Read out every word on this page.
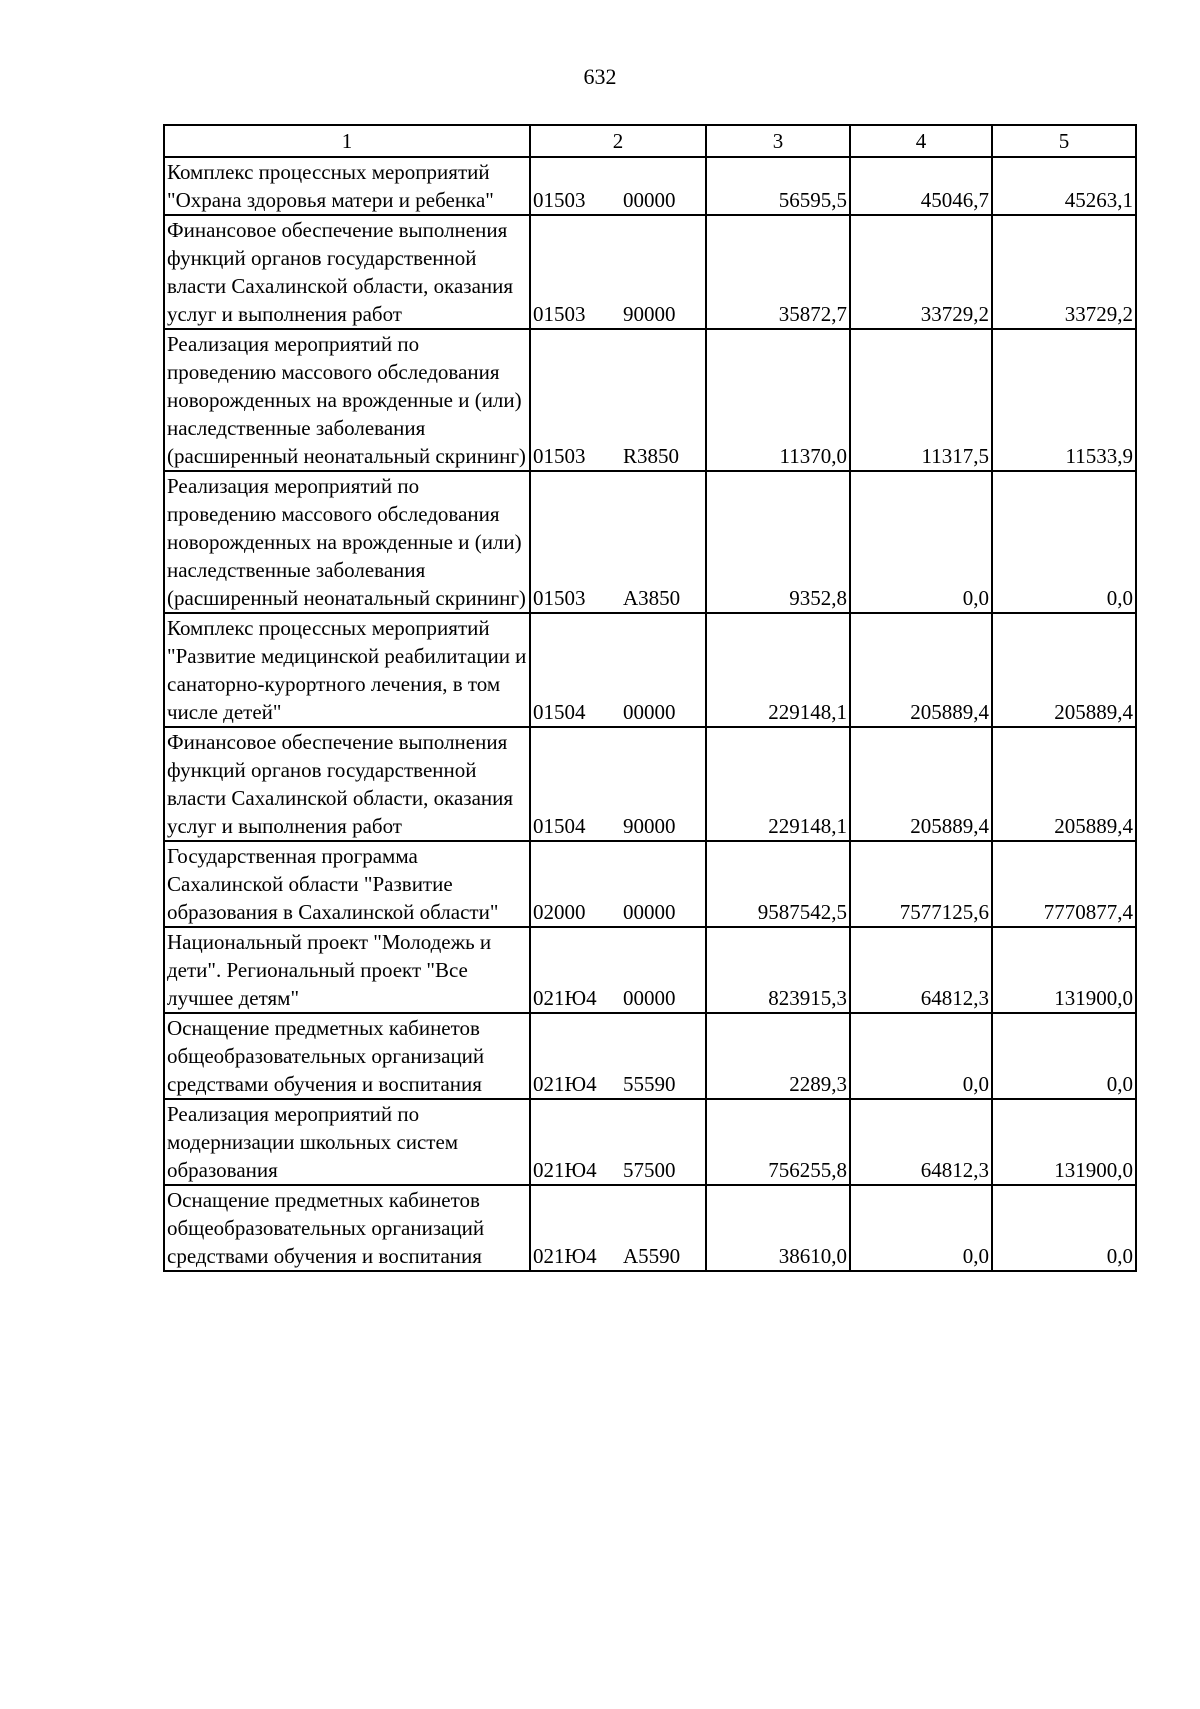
632
1	2	3	4	5
Комплекс процессных мероприятий "Охрана здоровья матери и ребенка"	01503 00000	56595,5	45046,7	45263,1
Финансовое обеспечение выполнения функций органов государственной власти Сахалинской области, оказания услуг и выполнения работ	01503 90000	35872,7	33729,2	33729,2
Реализация мероприятий по проведению массового обследования новорожденных на врожденные и (или) наследственные заболевания (расширенный неонатальный скрининг)	01503 R3850	11370,0	11317,5	11533,9
Реализация мероприятий по проведению массового обследования новорожденных на врожденные и (или) наследственные заболевания (расширенный неонатальный скрининг)	01503 А3850	9352,8	0,0	0,0
Комплекс процессных мероприятий "Развитие медицинской реабилитации и санаторно-курортного лечения, в том числе детей"	01504 00000	229148,1	205889,4	205889,4
Финансовое обеспечение выполнения функций органов государственной власти Сахалинской области, оказания услуг и выполнения работ	01504 90000	229148,1	205889,4	205889,4
Государственная программа Сахалинской области "Развитие образования в Сахалинской области"	02000 00000	9587542,5	7577125,6	7770877,4
Национальный проект "Молодежь и дети". Региональный проект "Все лучшее детям"	021Ю4 00000	823915,3	64812,3	131900,0
Оснащение предметных кабинетов общеобразовательных организаций средствами обучения и воспитания	021Ю4 55590	2289,3	0,0	0,0
Реализация мероприятий по модернизации школьных систем образования	021Ю4 57500	756255,8	64812,3	131900,0
Оснащение предметных кабинетов общеобразовательных организаций средствами обучения и воспитания	021Ю4 А5590	38610,0	0,0	0,0
